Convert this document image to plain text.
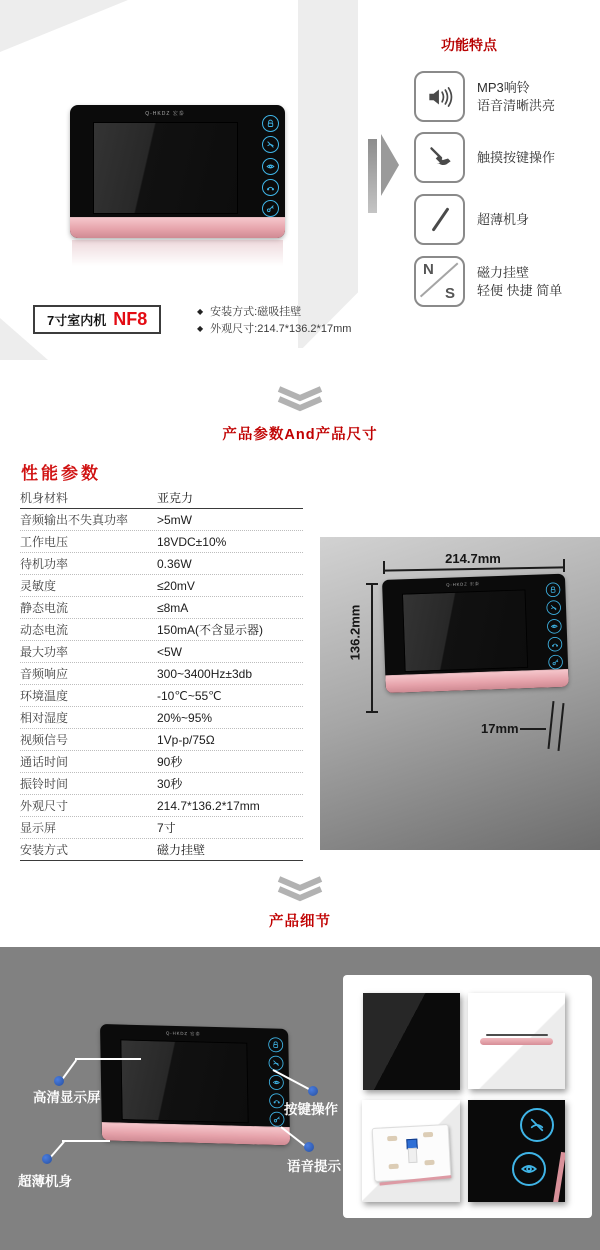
Q-HKDZ 宏泰
功能特点
MP3响铃
语音清晰洪亮
触摸按键操作
超薄机身
N
S
磁力挂壁
轻便 快捷 简单
7寸室内机 NF8	◆ 安装方式:磁吸挂壁
◆ 外观尺寸:214.7*136.2*17mm
产品参数And产品尺寸
性能参数
机身材料	亚克力
音频输出不失真功率	>5mW
工作电压	18VDC±10%
待机功率	0.36W
灵敏度	≤20mV
静态电流	≤8mA
动态电流	150mA(不含显示器)
最大功率	<5W
音频响应	300~3400Hz±3db
环境温度	-10℃~55℃
相对湿度	20%~95%
视频信号	1Vp-p/75Ω
通话时间	90秒
振铃时间	30秒
外观尺寸	214.7*136.2*17mm
显示屏	7寸
安装方式	磁力挂壁
Q-HKDZ 宏泰
214.7mm
136.2mm
17mm
产品细节
Q-HKDZ 宏泰
高清显示屏
按键操作
超薄机身
语音提示
